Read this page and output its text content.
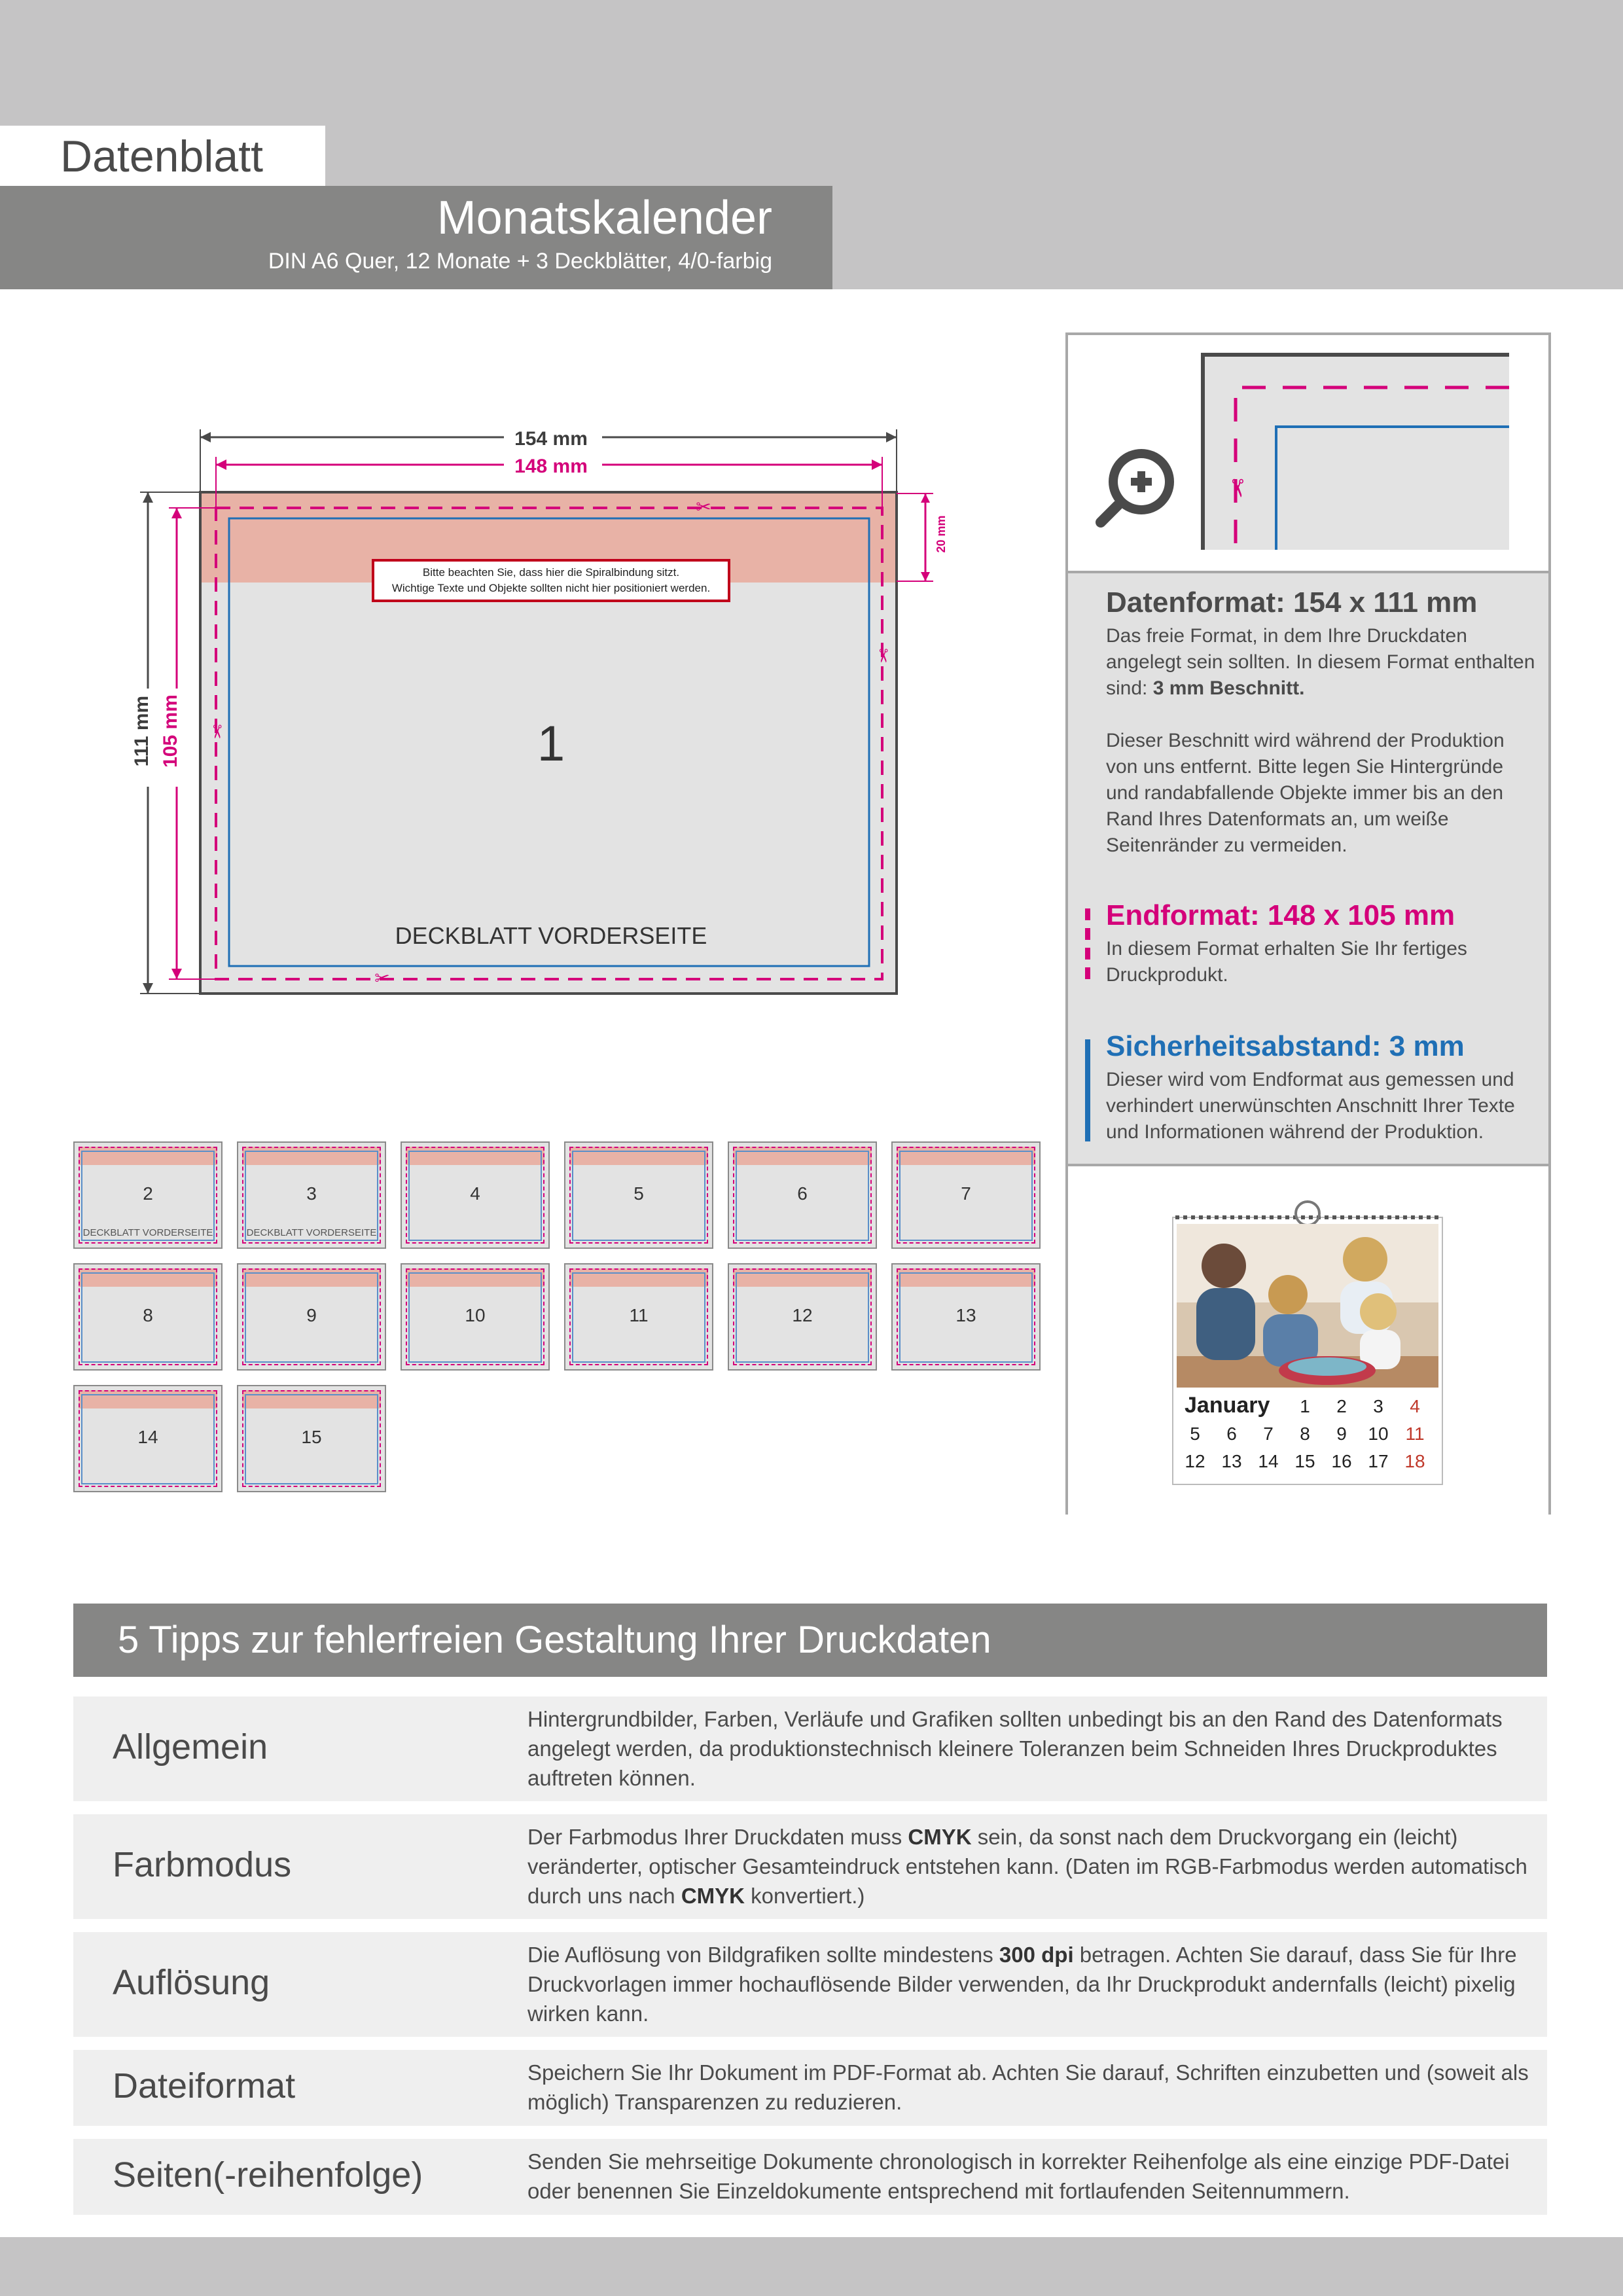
Datenblatt
Monatskalender
DIN A6 Quer, 12 Monate + 3 Deckblätter, 4/0-farbig
Bitte beachten Sie, dass hier die Spiralbindung sitzt.
Wichtige Texte und Objekte sollten nicht hier positioniert werden.
1
DECKBLATT VORDERSEITE
154 mm
148 mm
111 mm 105 mm
20 mm
✂
✂
✂
✂
2
DECKBLATT VORDERSEITE
3
DECKBLATT VORDERSEITE
4	5	6	7
8	9	10	11	12	13
14	15
✂
Datenformat: 154 x 111 mm
Das freie Format, in dem Ihre Druckdaten angelegt sein sollten. In diesem Format enthalten sind: 3 mm Beschnitt.
Dieser Beschnitt wird während der Produktion von uns entfernt. Bitte legen Sie Hintergründe und randabfallende Objekte immer bis an den Rand Ihres Datenformats an, um weiße Seitenränder zu vermeiden.
Endformat: 148 x 105 mm
In diesem Format erhalten Sie Ihr fertiges Druckprodukt.
Sicherheitsabstand: 3 mm
Dieser wird vom Endformat aus gemessen und verhindert unerwünschten Anschnitt Ihrer Texte und Informationen während der Produktion.
January 1 2 3 4
5 6 7 8 9 10 11
12 13 14 15 16 17 18
5 Tipps zur fehlerfreien Gestaltung Ihrer Druckdaten
Allgemein
Hintergrundbilder, Farben, Verläufe und Grafiken sollten unbedingt bis an den Rand des Datenformats angelegt werden, da produktionstechnisch kleinere Toleranzen beim Schneiden Ihres Druckproduktes auftreten können.
Farbmodus
Der Farbmodus Ihrer Druckdaten muss CMYK sein, da sonst nach dem Druckvorgang ein (leicht) veränderter, optischer Gesamteindruck entstehen kann. (Daten im RGB-Farbmodus werden automatisch durch uns nach CMYK konvertiert.)
Auflösung
Die Auflösung von Bildgrafiken sollte mindestens 300 dpi betragen. Achten Sie darauf, dass Sie für Ihre Druckvorlagen immer hochauflösende Bilder verwenden, da Ihr Druckprodukt andernfalls (leicht) pixelig wirken kann.
Dateiformat	Speichern Sie Ihr Dokument im PDF-Format ab. Achten Sie darauf, Schriften einzubetten und (soweit als möglich) Transparenzen zu reduzieren.
Seiten(-reihenfolge)	Senden Sie mehrseitige Dokumente chronologisch in korrekter Reihenfolge als eine einzige PDF-Datei oder benennen Sie Einzeldokumente entsprechend mit fortlaufenden Seitennummern.
